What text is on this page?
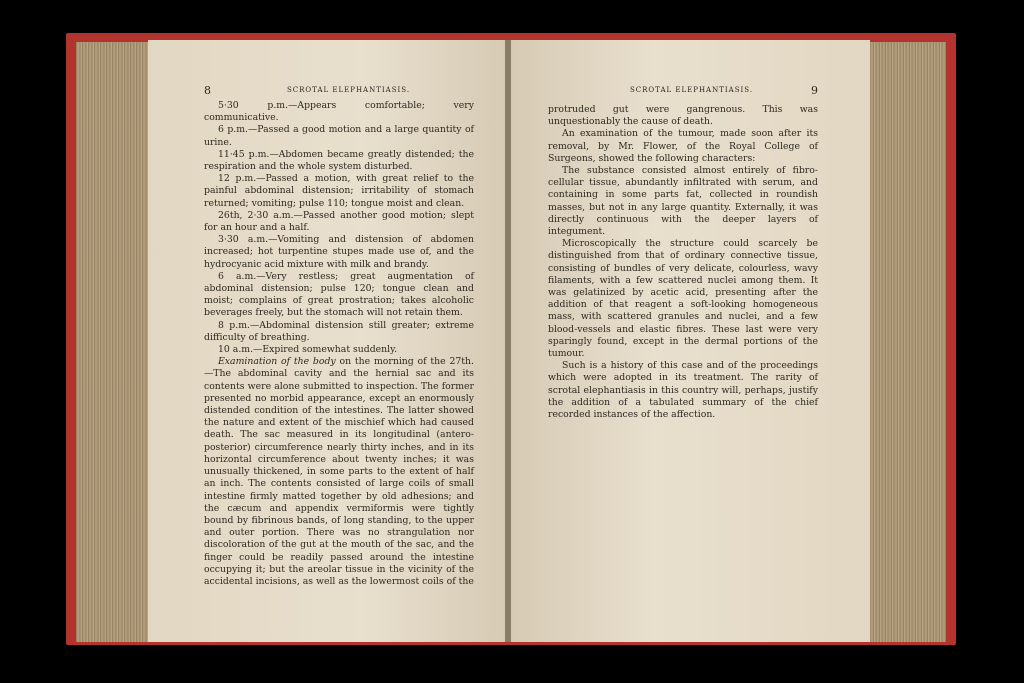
8	SCROTAL ELEPHANTIASIS.	SCROTAL ELEPHANTIASIS.	9

5·30 p.m.—Appears comfortable; very communicative.

6 p.m.—Passed a good motion and a large quantity of urine.

11·45 p.m.—Abdomen became greatly distended; the respiration and the whole system disturbed.

12 p.m.—Passed a motion, with great relief to the painful abdominal distension; irritability of stomach returned; vomiting; pulse 110; tongue moist and clean.

26th, 2·30 a.m.—Passed another good motion; slept for an hour and a half.

3·30 a.m.—Vomiting and distension of abdomen increased; hot turpentine stupes made use of, and the hydrocyanic acid mixture with milk and brandy.

6 a.m.—Very restless; great augmentation of abdominal distension; pulse 120; tongue clean and moist; complains of great prostration; takes alcoholic beverages freely, but the stomach will not retain them.

8 p.m.—Abdominal distension still greater; extreme difficulty of breathing.

10 a.m.—Expired somewhat suddenly.

Examination of the body on the morning of the 27th.—The abdominal cavity and the hernial sac and its contents were alone submitted to inspection. The former presented no morbid appearance, except an enormously distended condition of the intestines. The latter showed the nature and extent of the mischief which had caused death. The sac measured in its longitudinal (antero-posterior) circumference nearly thirty inches, and in its horizontal circumference about twenty inches; it was unusually thickened, in some parts to the extent of half an inch. The contents consisted of large coils of small intestine firmly matted together by old adhesions; and the cæcum and appendix vermiformis were tightly bound by fibrinous bands, of long standing, to the upper and outer portion. There was no strangulation nor discoloration of the gut at the mouth of the sac, and the finger could be readily passed around the intestine occupying it; but the areolar tissue in the vicinity of the accidental incisions, as well as the lowermost coils of the

protruded gut were gangrenous. This was unquestionably the cause of death.

An examination of the tumour, made soon after its removal, by Mr. Flower, of the Royal College of Surgeons, showed the following characters:

The substance consisted almost entirely of fibro-cellular tissue, abundantly infiltrated with serum, and containing in some parts fat, collected in roundish masses, but not in any large quantity. Externally, it was directly continuous with the deeper layers of integument.

Microscopically the structure could scarcely be distinguished from that of ordinary connective tissue, consisting of bundles of very delicate, colourless, wavy filaments, with a few scattered nuclei among them. It was gelatinized by acetic acid, presenting after the addition of that reagent a soft-looking homogeneous mass, with scattered granules and nuclei, and a few blood-vessels and elastic fibres. These last were very sparingly found, except in the dermal portions of the tumour.

Such is a history of this case and of the proceedings which were adopted in its treatment. The rarity of scrotal elephantiasis in this country will, perhaps, justify the addition of a tabulated summary of the chief recorded instances of the affection.
